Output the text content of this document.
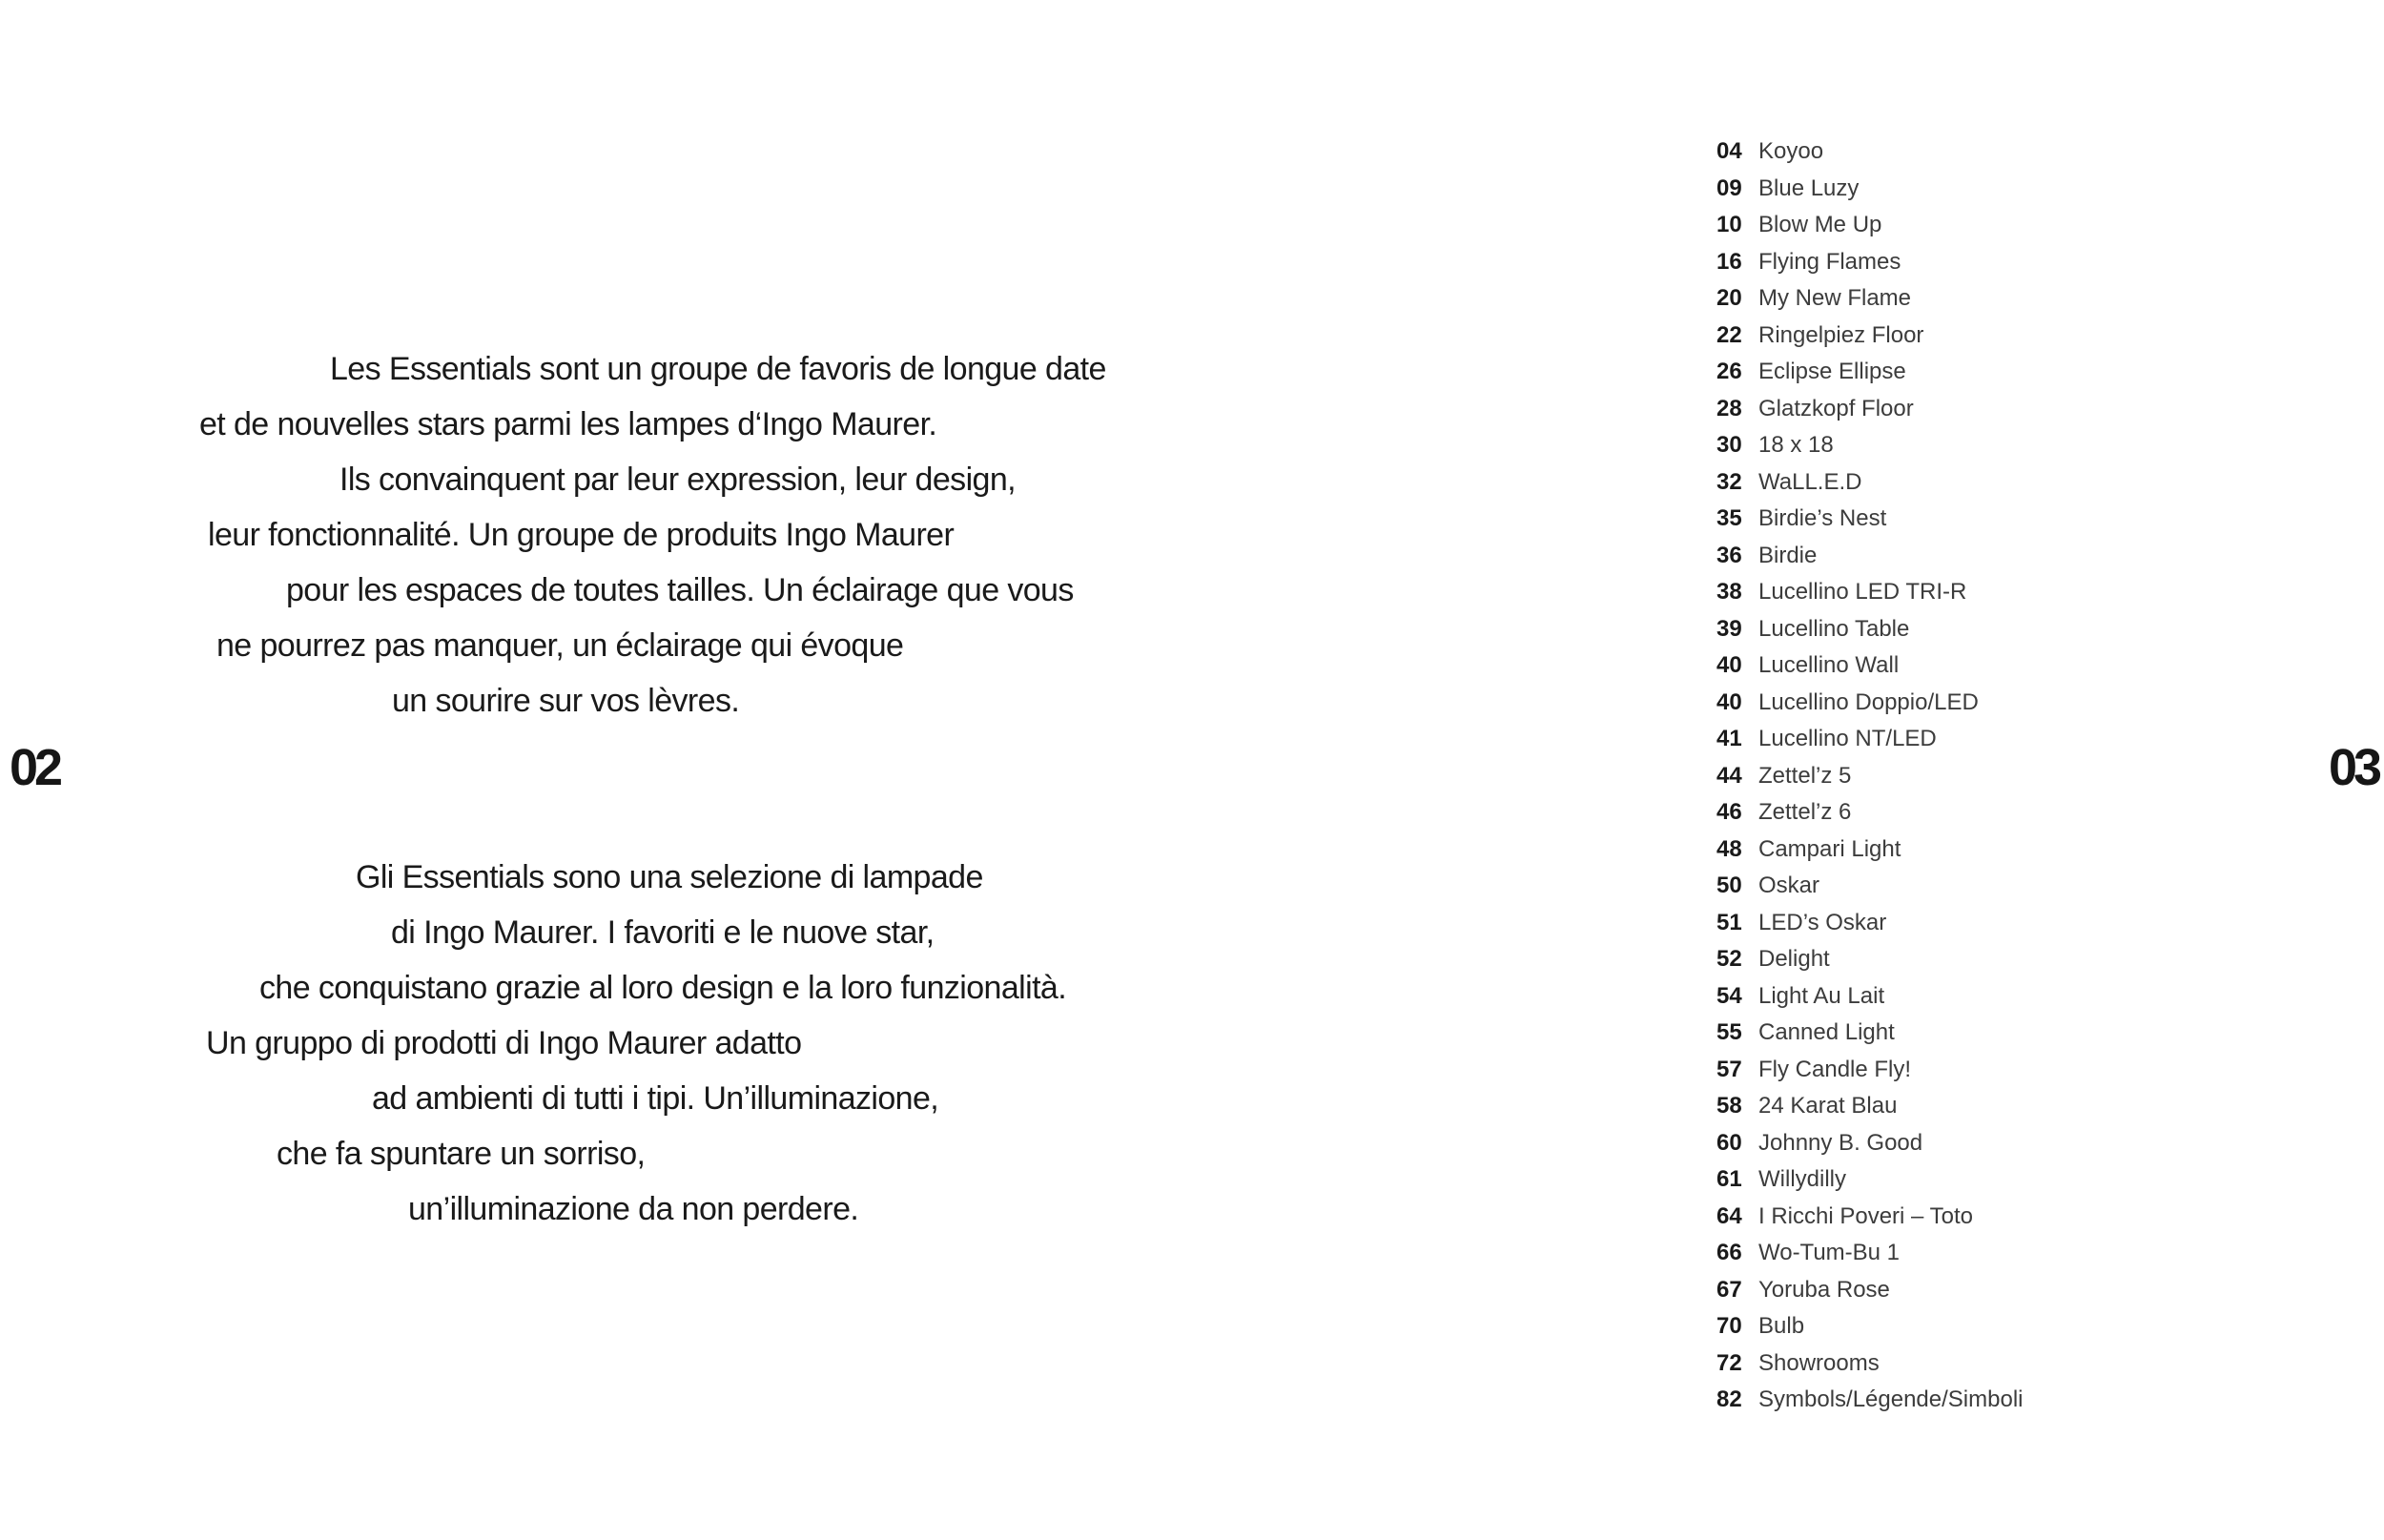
02	03
Les Essentials sont un groupe de favoris de longue date
et de nouvelles stars parmi les lampes d‘Ingo Maurer.
Ils convainquent par leur expression, leur design,
leur fonctionnalité. Un groupe de produits Ingo Maurer
pour les espaces de toutes tailles. Un éclairage que vous
ne pourrez pas manquer, un éclairage qui évoque
un sourire sur vos lèvres.
Gli Essentials sono una selezione di lampade
di Ingo Maurer. I favoriti e le nuove star,
che conquistano grazie al loro design e la loro funzionalità.
Un gruppo di prodotti di Ingo Maurer adatto
ad ambienti di tutti i tipi. Un’illuminazione,
che fa spuntare un sorriso,
un’illuminazione da non perdere.
04 Koyoo
09 Blue Luzy
10 Blow Me Up
16 Flying Flames
20 My New Flame
22 Ringelpiez Floor
26 Eclipse Ellipse
28 Glatzkopf Floor
30 18 x 18
32 WaLL.E.D
35 Birdie’s Nest
36 Birdie
38 Lucellino LED TRI-R
39 Lucellino Table
40 Lucellino Wall
40 Lucellino Doppio/LED
41 Lucellino NT/LED
44 Zettel’z 5
46 Zettel’z 6
48 Campari Light
50 Oskar
51 LED’s Oskar
52 Delight
54 Light Au Lait
55 Canned Light
57 Fly Candle Fly!
58 24 Karat Blau
60 Johnny B. Good
61 Willydilly
64 I Ricchi Poveri – Toto
66 Wo-Tum-Bu 1
67 Yoruba Rose
70 Bulb
72 Showrooms
82 Symbols/Légende/Simboli
